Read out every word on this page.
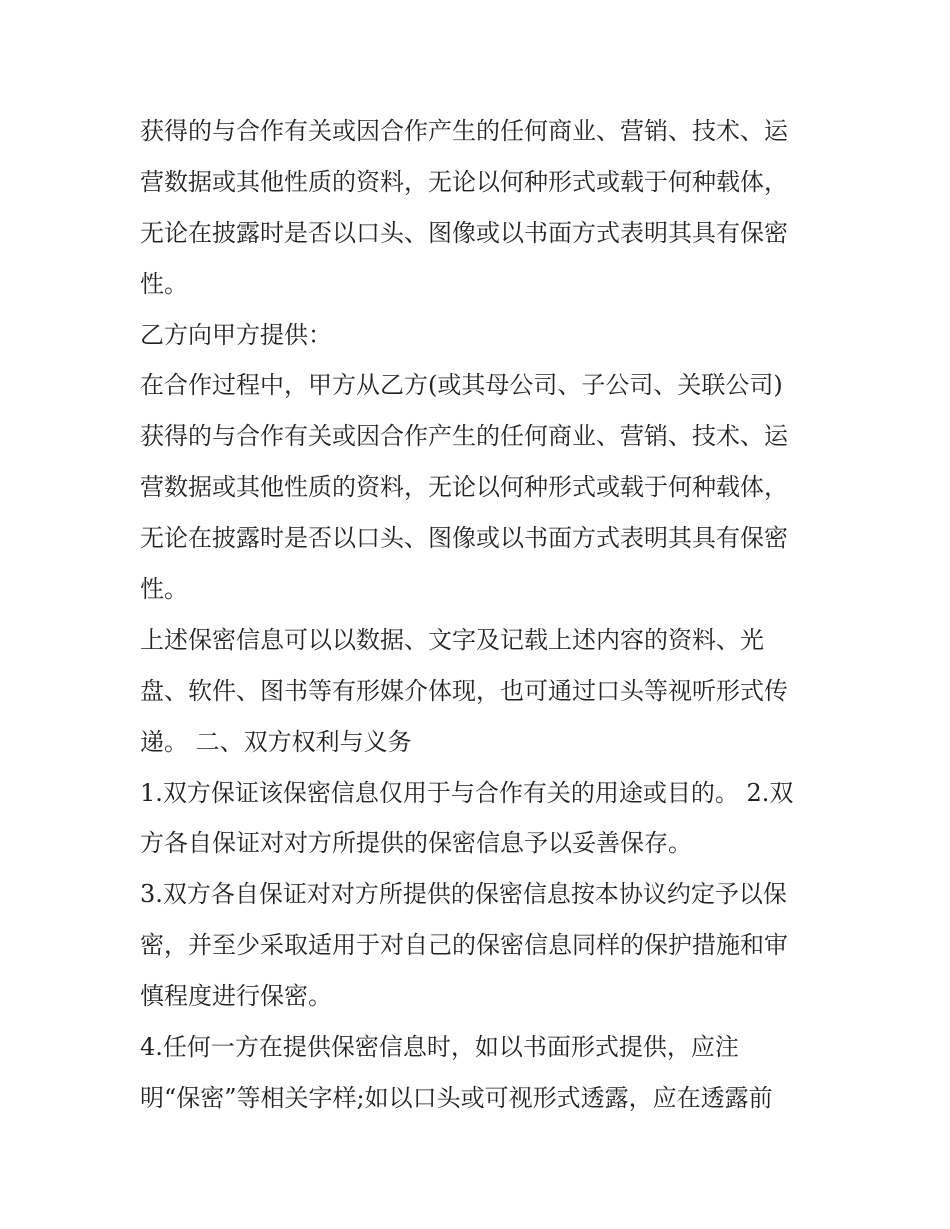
获得的与合作有关或因合作产生的任何商业、营销、技术、运
营数据或其他性质的资料，无论以何种形式或载于何种载体，
无论在披露时是否以口头、图像或以书面方式表明其具有保密
性。
乙方向甲方提供：
在合作过程中，甲方从乙方(或其母公司、子公司、关联公司)
获得的与合作有关或因合作产生的任何商业、营销、技术、运
营数据或其他性质的资料，无论以何种形式或载于何种载体，
无论在披露时是否以口头、图像或以书面方式表明其具有保密
性。
上述保密信息可以以数据、文字及记载上述内容的资料、光
盘、软件、图书等有形媒介体现，也可通过口头等视听形式传
递。 二、双方权利与义务
1.双方保证该保密信息仅用于与合作有关的用途或目的。 2.双
方各自保证对对方所提供的保密信息予以妥善保存。
3.双方各自保证对对方所提供的保密信息按本协议约定予以保
密，并至少采取适用于对自己的保密信息同样的保护措施和审
慎程度进行保密。
4.任何一方在提供保密信息时，如以书面形式提供，应注
明“保密”等相关字样;如以口头或可视形式透露，应在透露前
